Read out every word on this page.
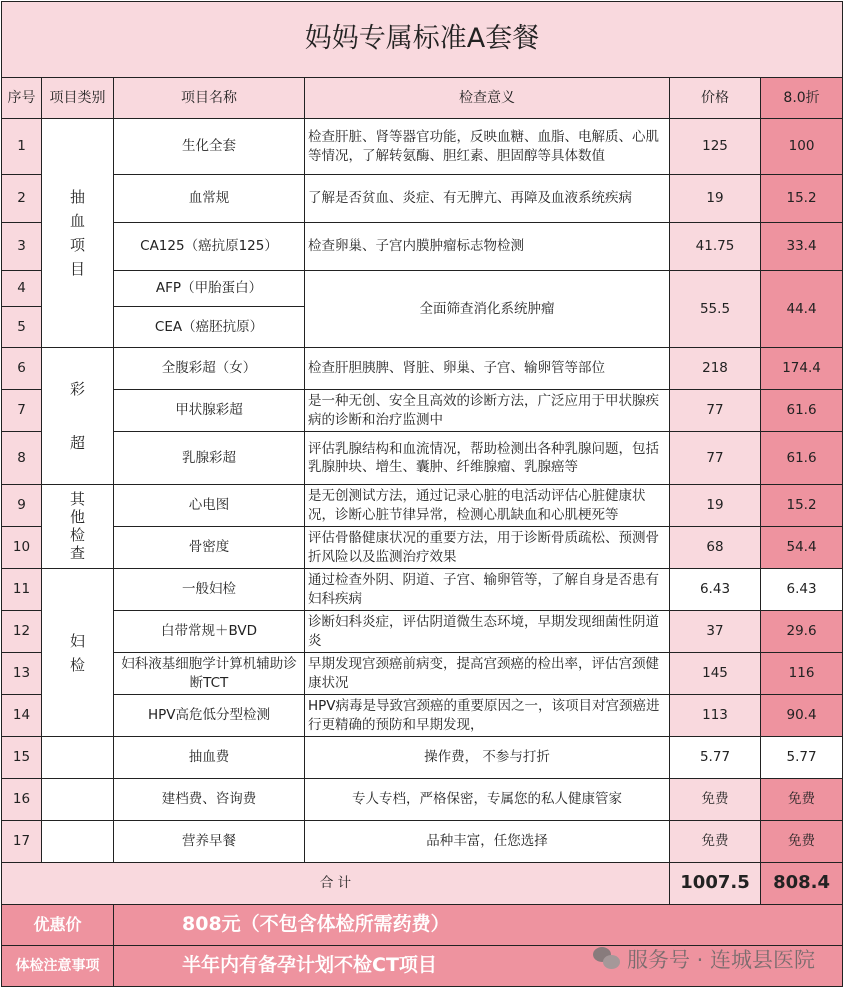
妈妈专属标准A套餐					
序号	项目类别	项目名称	检查意义	价格	8.0折
1	抽血项目	生化全套	检查肝脏、肾等器官功能，反映血糖、血脂、电解质、心肌等情况，了解转氨酶、胆红素、胆固醇等具体数值	125	100
2		血常规	了解是否贫血、炎症、有无脾亢、再障及血液系统疾病	19	15.2
3		CA125（癌抗原125）	检查卵巢、子宫内膜肿瘤标志物检测	41.75	33.4
4		AFP（甲胎蛋白）	全面筛查消化系统肿瘤	55.5	44.4
5		CEA（癌胚抗原）			
6	彩超	全腹彩超（女）	检查肝胆胰脾、肾脏、卵巢、子宫、输卵管等部位	218	174.4
7		甲状腺彩超	是一种无创、安全且高效的诊断方法，广泛应用于甲状腺疾病的诊断和治疗监测中	77	61.6
8		乳腺彩超	评估乳腺结构和血流情况，帮助检测出各种乳腺问题，包括乳腺肿块、增生、囊肿、纤维腺瘤、乳腺癌等	77	61.6
9	其他检查	心电图	是无创测试方法，通过记录心脏的电活动评估心脏健康状况，诊断心脏节律异常，检测心肌缺血和心肌梗死等	19	15.2
10		骨密度	评估骨骼健康状况的重要方法，用于诊断骨质疏松、预测骨折风险以及监测治疗效果	68	54.4
11	妇检	一般妇检	通过检查外阴、阴道、子宫、输卵管等，了解自身是否患有妇科疾病	6.43	6.43
12		白带常规＋BVD	诊断妇科炎症，评估阴道微生态环境，早期发现细菌性阴道炎	37	29.6
13		妇科液基细胞学计算机辅助诊断TCT	早期发现宫颈癌前病变，提高宫颈癌的检出率，评估宫颈健康状况	145	116
14		HPV高危低分型检测	HPV病毒是导致宫颈癌的重要原因之一，该项目对宫颈癌进行更精确的预防和早期发现，	113	90.4
15		抽血费	操作费， 不参与打折	5.77	5.77
16		建档费、咨询费	专人专档，严格保密，专属您的私人健康管家	免费	免费
17		营养早餐	品种丰富，任您选择	免费	免费
合 计				1007.5	808.4
优惠价		808元（不包含体检所需药费）			
体检注意事项		半年内有备孕计划不检CT项目				服务号 · 连城县医院
